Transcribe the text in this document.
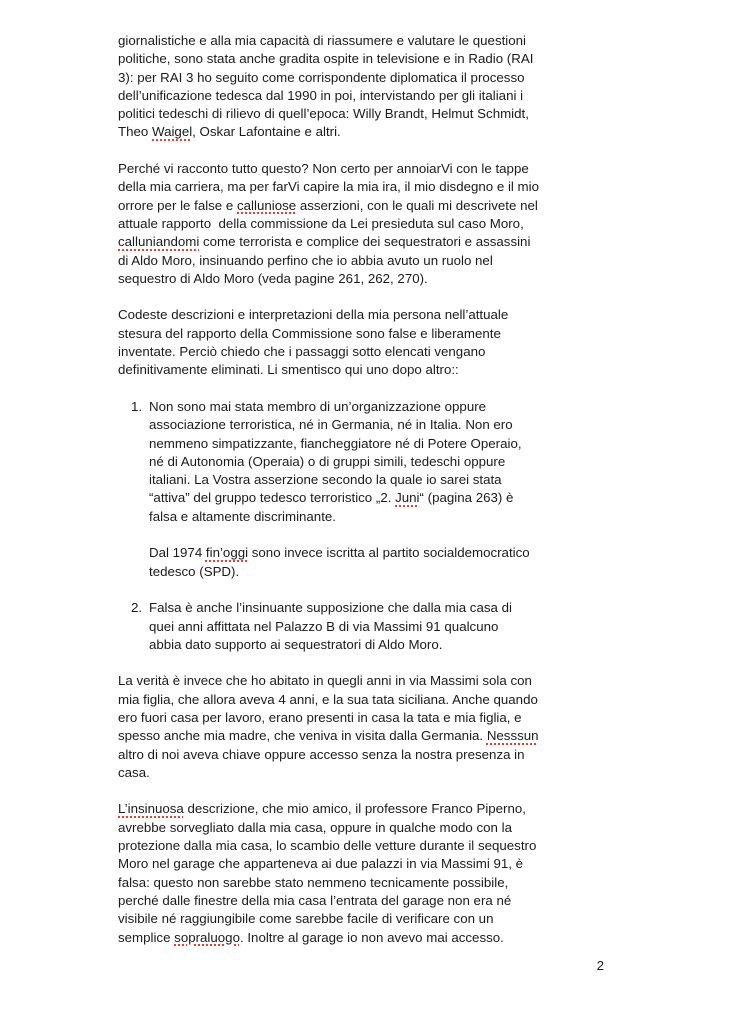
giornalistiche e alla mia capacità di riassumere e valutare le questioni
politiche, sono stata anche gradita ospite in televisione e in Radio (RAI
3): per RAI 3 ho seguito come corrispondente diplomatica il processo
dell’unificazione tedesca dal 1990 in poi, intervistando per gli italiani i
politici tedeschi di rilievo di quell’epoca: Willy Brandt, Helmut Schmidt,
Theo Waigel, Oskar Lafontaine e altri.
Perché vi racconto tutto questo? Non certo per annoiarVi con le tappe
della mia carriera, ma per farVi capire la mia ira, il mio disdegno e il mio
orrore per le false e calluniose asserzioni, con le quali mi descrivete nel
attuale rapporto  della commissione da Lei presieduta sul caso Moro,
calluniandomi come terrorista e complice dei sequestratori e assassini
di Aldo Moro, insinuando perfino che io abbia avuto un ruolo nel
sequestro di Aldo Moro (veda pagine 261, 262, 270).
Codeste descrizioni e interpretazioni della mia persona nell’attuale
stesura del rapporto della Commissione sono false e liberamente
inventate. Perciò chiedo che i passaggi sotto elencati vengano
definitivamente eliminati. Li smentisco qui uno dopo altro::
1. Non sono mai stata membro di un’organizzazione oppure
associazione terroristica, né in Germania, né in Italia. Non ero
nemmeno simpatizzante, fiancheggiatore né di Potere Operaio,
né di Autonomia (Operaia) o di gruppi simili, tedeschi oppure
italiani. La Vostra asserzione secondo la quale io sarei stata
“attiva” del gruppo tedesco terroristico „2. Juni“ (pagina 263) è
falsa e altamente discriminante.
Dal 1974 fin’oggi sono invece iscritta al partito socialdemocratico
tedesco (SPD).
2. Falsa è anche l’insinuante supposizione che dalla mia casa di
quei anni affittata nel Palazzo B di via Massimi 91 qualcuno
abbia dato supporto ai sequestratori di Aldo Moro.
La verità è invece che ho abitato in quegli anni in via Massimi sola con
mia figlia, che allora aveva 4 anni, e la sua tata siciliana. Anche quando
ero fuori casa per lavoro, erano presenti in casa la tata e mia figlia, e
spesso anche mia madre, che veniva in visita dalla Germania. Nesssun
altro di noi aveva chiave oppure accesso senza la nostra presenza in
casa.
L’insinuosa descrizione, che mio amico, il professore Franco Piperno,
avrebbe sorvegliato dalla mia casa, oppure in qualche modo con la
protezione dalla mia casa, lo scambio delle vetture durante il sequestro
Moro nel garage che apparteneva ai due palazzi in via Massimi 91, è
falsa: questo non sarebbe stato nemmeno tecnicamente possibile,
perché dalle finestre della mia casa l’entrata del garage non era né
visibile né raggiungibile come sarebbe facile di verificare con un
semplice sopraluogo. Inoltre al garage io non avevo mai accesso.
2
